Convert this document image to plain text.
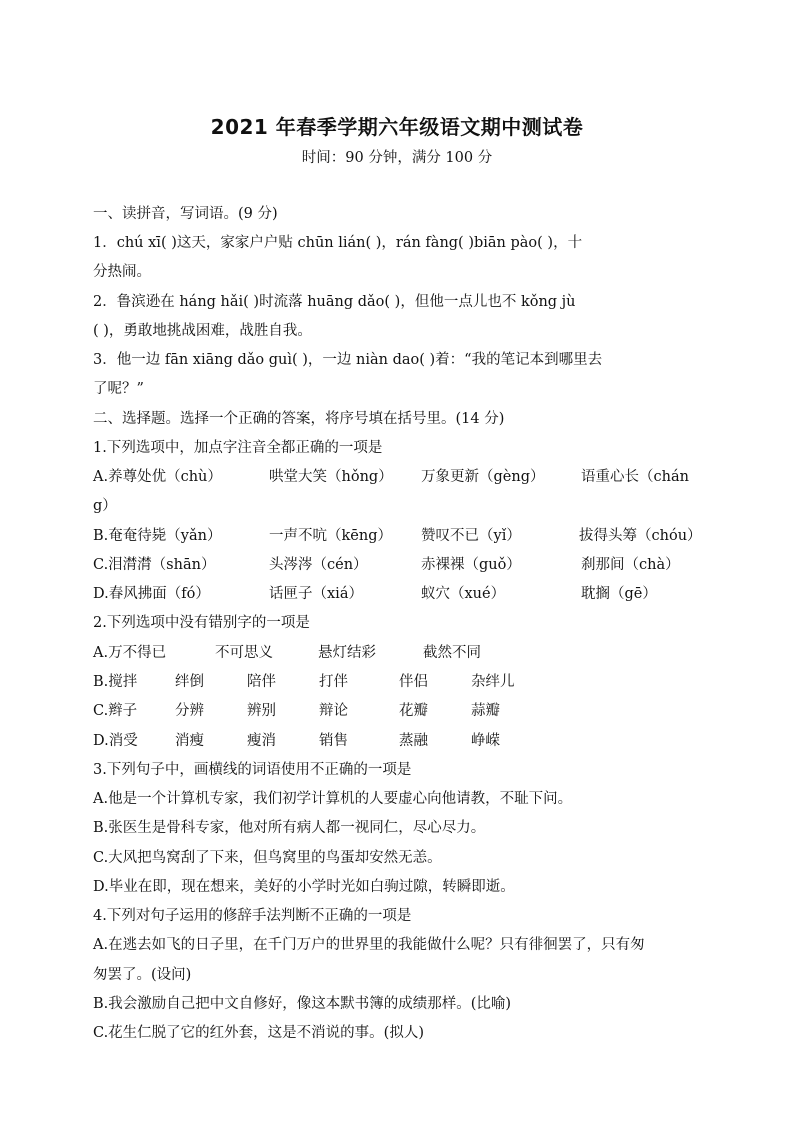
2021 年春季学期六年级语文期中测试卷
时间：90 分钟，满分 100 分
一、读拼音，写词语。(9 分)
1．chú xī( )这天，家家户户贴 chūn lián( )，rán fàng( )biān pào( )，十
分热闹。
2．鲁滨逊在 háng hǎi( )时流落 huāng dǎo( )，但他一点儿也不 kǒng jù
( )，勇敢地挑战困难，战胜自我。
3．他一边 fān xiāng dǎo guì( )，一边 niàn dao( )着：“我的笔记本到哪里去
了呢？”
二、选择题。选择一个正确的答案，将序号填在括号里。(14 分)
1.下列选项中，加点字注音全都正确的一项是
A.养尊处优（chù）	哄堂大笑（hǒng） 万象更新（gèng）	语重心长（chán
g）
B.奄奄待毙（yǎn）	一声不吭（kēng） 赞叹不已（yǐ）	拔得头筹（chóu）
C.泪潸潸（shān）	头涔涔（cén）	赤裸裸（guǒ）	刹那间（chà）
D.春风拂面（fó）	话匣子（xiá）	蚁穴（xué）	耽搁（gē）
2.下列选项中没有错别字的一项是
A.万不得已	不可思义	悬灯结彩	截然不同
B.搅拌	绊倒	陪伴	打伴	伴侣	杂绊儿
C.辫子	分辨	辨别	辩论	花瓣	蒜瓣
D.消受	消瘦	瘦消	销售	蒸融	峥嵘
3.下列句子中，画横线的词语使用不正确的一项是
A.他是一个计算机专家，我们初学计算机的人要虚心向他请教，不耻下问。
B.张医生是骨科专家，他对所有病人都一视同仁，尽心尽力。
C.大风把鸟窝刮了下来，但鸟窝里的鸟蛋却安然无恙。
D.毕业在即，现在想来，美好的小学时光如白驹过隙，转瞬即逝。
4.下列对句子运用的修辞手法判断不正确的一项是
A.在逃去如飞的日子里，在千门万户的世界里的我能做什么呢？只有徘徊罢了，只有匆
匆罢了。(设问)
B.我会激励自己把中文自修好，像这本默书簿的成绩那样。(比喻)
C.花生仁脱了它的红外套，这是不消说的事。(拟人)
